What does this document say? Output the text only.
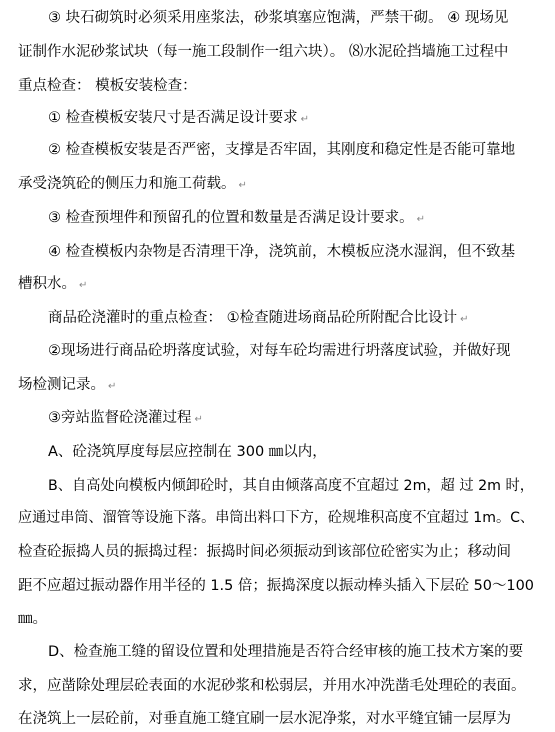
③ 块石砌筑时必须采用座浆法，砂浆填塞应饱满，严禁干砌。 ④ 现场见
证制作水泥砂浆试块（每一施工段制作一组六块）。 ⑻水泥砼挡墙施工过程中
重点检查： 模板安装检查：
① 检查模板安装尺寸是否满足设计要求 ↵
② 检查模板安装是否严密，支撑是否牢固，其刚度和稳定性是否能可靠地
承受浇筑砼的侧压力和施工荷载。 ↵
③ 检查预埋件和预留孔的位置和数量是否满足设计要求。 ↵
④ 检查模板内杂物是否清理干净，浇筑前，木模板应浇水湿润，但不致基
槽积水。 ↵
商品砼浇灌时的重点检查： ①检查随进场商品砼所附配合比设计 ↵
②现场进行商品砼坍落度试验，对每车砼均需进行坍落度试验，并做好现
场检测记录。 ↵
③旁站监督砼浇灌过程 ↵
A、砼浇筑厚度每层应控制在 300 ㎜以内，
B、自高处向模板内倾卸砼时，其自由倾落高度不宜超过 2m，超 过 2m 时，
应通过串筒、溜管等设施下落。串筒出料口下方，砼规堆积高度不宜超过 1m。C、
检查砼振捣人员的振捣过程：振捣时间必须振动到该部位砼密实为止；移动间
距不应超过振动器作用半径的 1.5 倍；振捣深度以振动棒头插入下层砼 50～100
㎜。
D、检查施工缝的留设位置和处理措施是否符合经审核的施工技术方案的要
求，应凿除处理层砼表面的水泥砂浆和松弱层，并用水冲洗凿毛处理砼的表面。
在浇筑上一层砼前，对垂直施工缝宜刷一层水泥净浆，对水平缝宜铺一层厚为
